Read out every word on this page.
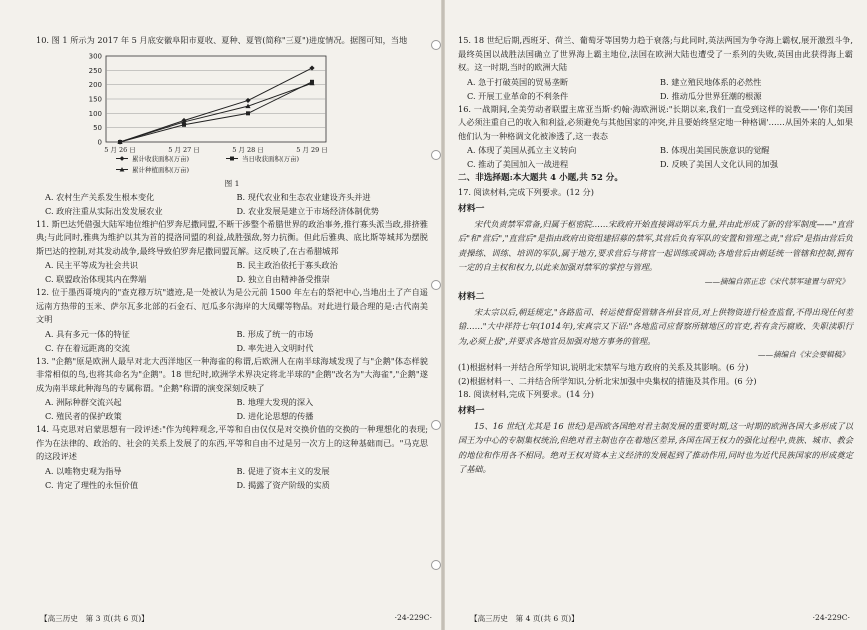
10. 图 1 所示为 2017 年 5 月底安徽阜阳市夏收、夏种、夏管(简称"三夏")进度情况。据图可知，当地

0
50
100
150
200
250
300
5 月 26 日	5 月 27 日	5 月 28 日	5 月 29 日
累计收获面积(万亩)	当日收获面积(万亩)
累计种植面积(万亩)

图 1

A. 农村生产关系发生根本变化	B. 现代农业和生态农业建设齐头并进
C. 政府注重从实际出发发展农业	D. 农业发展是建立于市场经济体制优势

11. 斯巴达凭借强大陆军地位维护伯罗奔尼撒同盟,不断干涉整个希腊世界的政治事务,推行寡头派当政,排挤雅典;与此同时,雅典为维护以其为首的提洛同盟的利益,战胜强敌,努力抗衡。但此后雅典、底比斯等城邦为摆脱斯巴达的控制,对其发动战争,最终导致伯罗奔尼撒同盟瓦解。这反映了,在古希腊城邦

A. 民主平等成为社会共识	B. 民主政治依托于寡头政治
C. 联盟政治体现其内在弊端	D. 独立自由精神备受推崇

12. 位于墨西哥境内的"查克穆万坑"遗迹,是一处被认为是公元前 1500 年左右的祭祀中心,当地出土了产自遥远南方热带的玉米、萨尔瓦多北部的石金石、厄瓜多尔海岸的大凤螺等物品。对此进行最合理的是:古代南美文明

A. 具有多元一体的特征	B. 形成了统一的市场
C. 存在着远距离的交流	D. 率先进入文明时代

13. "企鹅"原是欧洲人最早对北大西洋地区一种海雀的称谓,后欧洲人在南半球海域发现了与"企鹅"体态样貌非常相似的鸟,也将其命名为"企鹅"。18 世纪时,欧洲学术界决定将北半球的"企鹅"改名为"大海雀","企鹅"遂成为南半球此种海鸟的专属称谓。"企鹅"称谓的演变深刻反映了

A. 洲际种群交流兴起	B. 地理大发现的深入
C. 殖民者的保护政策	D. 进化论思想的传播

14. 马克思对启蒙思想有一段评述:"作为纯粹观念,平等和自由仅仅是对交换价值的交换的一种理想化的表现;作为在法律的、政治的、社会的关系上发展了的东西,平等和自由不过是另一次方上的这种基础而已。"马克思的这段评述

A. 以唯物史观为指导	B. 促进了资本主义的发展
C. 肯定了理性的永恒价值	D. 揭露了资产阶级的实质
【高三历史　第 3 页(共 6 页)】	·24-229C·

15. 18 世纪后期,西班牙、荷兰、葡萄牙等国势力趋于衰落;与此同时,英法两国为争夺海上霸权,展开激烈斗争,最终英国以战胜法国确立了世界海上霸主地位,法国在欧洲大陆也遭受了一系列的失败,英国由此获得海上霸权。这一时期,当时的欧洲大陆

A. 急于打破英国的贸易垄断	B. 建立殖民地体系的必然性
C. 开展工业革命的不利条件	D. 推动瓜分世界狂潮的根源

16. 一战期间,全美劳动者联盟主席亚当斯·约翰·海欧洲说:"长期以来,我们一直受到这样的说教——'你们美国人必须注重自己的收入和利益,必须避免与其他国家的冲突,并且要始终坚定地一种格调'……从国外来的人,如果他们认为一种格调文化被渗透了,这一表态

A. 体现了美国从孤立主义转向	B. 体现出美国民族意识的觉醒
C. 推动了美国加入一战进程	D. 反映了美国人文化认同的加强

二、非选择题:本大题共 4 小题,共 52 分。

17. 阅读材料,完成下列要求。(12 分)

材料一

宋代负责禁军常备,归属于枢密院……宋政府开始直接调动军兵力量,并由此形成了新的营军制度——"直营后"和"营后","直营后"是指由政府出资组建招募的禁军,其营后负有军队的安置和管理之责,"营后"是指由营后负责操练、训练、培训的军队,属于地方,要求营后与将官一起训练或调动;各地营后由朝廷统一管辖和控制,拥有一定的自主权和权力,以此来加强对禁军的掌控与管理。

——摘编自郭正忠《宋代禁军建置与研究》

材料二

宋太宗以后,朝廷规定,"各路监司、转运使督促管辖各州县官员,对上供物资进行检查监督,不得出现任何差错……"大中祥符七年(1014年),宋真宗又下诏:"各地监司应督察所辖地区的官吏,若有贪污腐败、失职渎职行为,必须上报",并要求各地官员加强对地方事务的管理。

——摘编自《宋会要辑稿》

(1)根据材料一并结合所学知识,说明北宋禁军与地方政府的关系及其影响。(6 分)

(2)根据材料一、二并结合所学知识,分析北宋加强中央集权的措施及其作用。(6 分)

18. 阅读材料,完成下列要求。(14 分)

材料一

15、16 世纪(尤其是 16 世纪)是西欧各国绝对君主制发展的重要时期,这一时期的欧洲各国大多形成了以国王为中心的专制集权统治,但绝对君主制也存在着地区差异,各国在国王权力的强化过程中,贵族、城市、教会的地位和作用各不相同。绝对王权对资本主义经济的发展起到了推动作用,同时也为近代民族国家的形成奠定了基础。

【高三历史　第 4 页(共 6 页)】	·24-229C·
